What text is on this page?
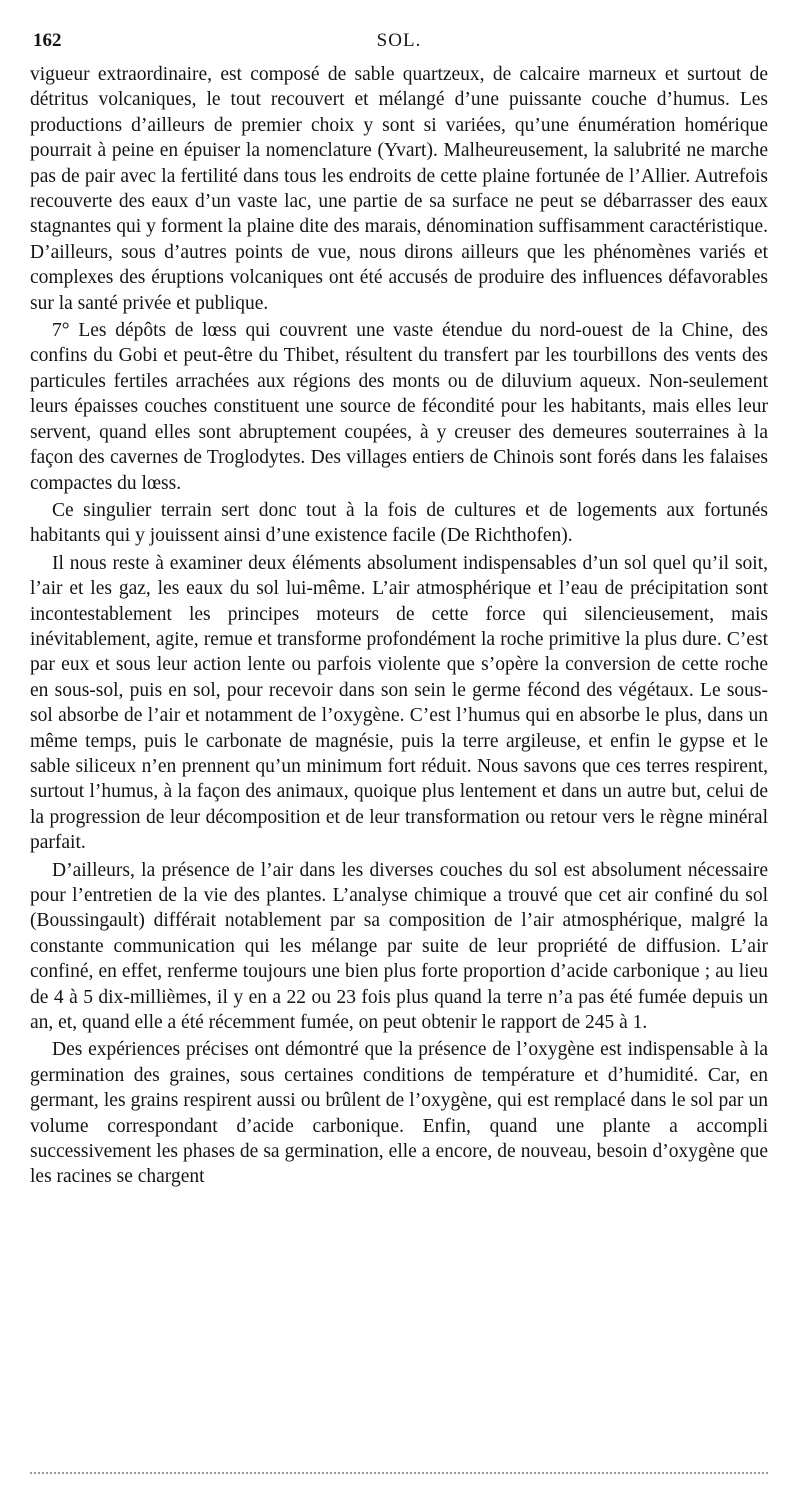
162	SOL.

vigueur extraordinaire, est composé de sable quartzeux, de calcaire marneux et surtout de détritus volcaniques, le tout recouvert et mélangé d’une puissante couche d’humus. Les productions d’ailleurs de premier choix y sont si variées, qu’une énumération homérique pourrait à peine en épuiser la nomenclature (Yvart). Malheureusement, la salubrité ne marche pas de pair avec la fertilité dans tous les endroits de cette plaine fortunée de l’Allier. Autrefois recouverte des eaux d’un vaste lac, une partie de sa surface ne peut se débarrasser des eaux stagnantes qui y forment la plaine dite des marais, dénomination suffisamment caractéristique. D’ailleurs, sous d’autres points de vue, nous dirons ailleurs que les phénomènes variés et complexes des éruptions volcaniques ont été accusés de produire des influences défavorables sur la santé privée et publique.

7° Les dépôts de lœss qui couvrent une vaste étendue du nord-ouest de la Chine, des confins du Gobi et peut-être du Thibet, résultent du transfert par les tourbillons des vents des particules fertiles arrachées aux régions des monts ou de diluvium aqueux. Non-seulement leurs épaisses couches constituent une source de fécondité pour les habitants, mais elles leur servent, quand elles sont abruptement coupées, à y creuser des demeures souterraines à la façon des cavernes de Troglodytes. Des villages entiers de Chinois sont forés dans les falaises compactes du lœss.

Ce singulier terrain sert donc tout à la fois de cultures et de logements aux fortunés habitants qui y jouissent ainsi d’une existence facile (De Richthofen).

Il nous reste à examiner deux éléments absolument indispensables d’un sol quel qu’il soit, l’air et les gaz, les eaux du sol lui-même. L’air atmosphérique et l’eau de précipitation sont incontestablement les principes moteurs de cette force qui silencieusement, mais inévitablement, agite, remue et transforme profondément la roche primitive la plus dure. C’est par eux et sous leur action lente ou parfois violente que s’opère la conversion de cette roche en sous-sol, puis en sol, pour recevoir dans son sein le germe fécond des végétaux. Le sous-sol absorbe de l’air et notamment de l’oxygène. C’est l’humus qui en absorbe le plus, dans un même temps, puis le carbonate de magnésie, puis la terre argileuse, et enfin le gypse et le sable siliceux n’en prennent qu’un minimum fort réduit. Nous savons que ces terres respirent, surtout l’humus, à la façon des animaux, quoique plus lentement et dans un autre but, celui de la progression de leur décomposition et de leur transformation ou retour vers le règne minéral parfait.

D’ailleurs, la présence de l’air dans les diverses couches du sol est absolument nécessaire pour l’entretien de la vie des plantes. L’analyse chimique a trouvé que cet air confiné du sol (Boussingault) différait notablement par sa composition de l’air atmosphérique, malgré la constante communication qui les mélange par suite de leur propriété de diffusion. L’air confiné, en effet, renferme toujours une bien plus forte proportion d’acide carbonique ; au lieu de 4 à 5 dix-millièmes, il y en a 22 ou 23 fois plus quand la terre n’a pas été fumée depuis un an, et, quand elle a été récemment fumée, on peut obtenir le rapport de 245 à 1.

Des expériences précises ont démontré que la présence de l’oxygène est indispensable à la germination des graines, sous certaines conditions de température et d’humidité. Car, en germant, les grains respirent aussi ou brûlent de l’oxygène, qui est remplacé dans le sol par un volume correspondant d’acide carbonique. Enfin, quand une plante a accompli successivement les phases de sa germination, elle a encore, de nouveau, besoin d’oxygène que les racines se chargent
